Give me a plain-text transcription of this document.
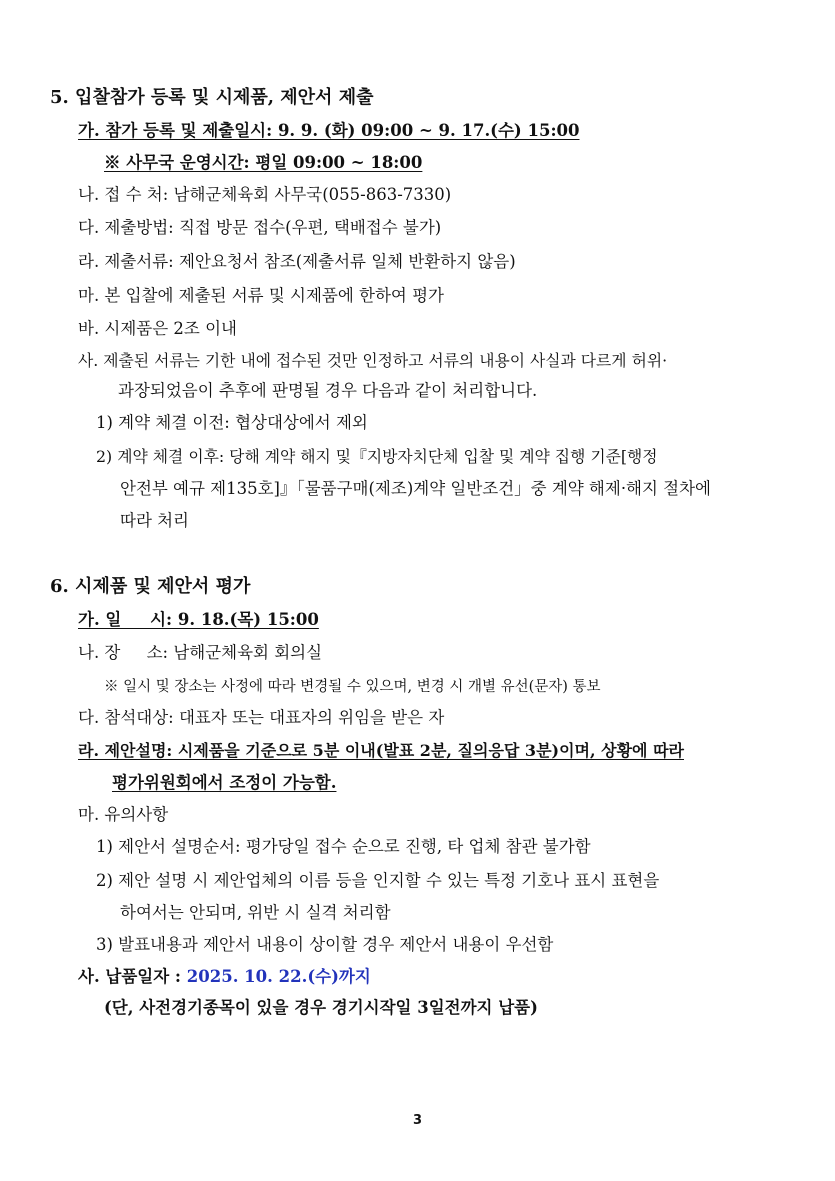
5. 입찰참가 등록 및 시제품, 제안서 제출
가. 참가 등록 및 제출일시: 9. 9. (화) 09:00 ~ 9. 17.(수) 15:00
※ 사무국 운영시간: 평일 09:00 ~ 18:00
나. 접 수 처: 남해군체육회 사무국(055-863-7330)
다. 제출방법: 직접 방문 접수(우편, 택배접수 불가)
라. 제출서류: 제안요청서 참조(제출서류 일체 반환하지 않음)
마. 본 입찰에 제출된 서류 및 시제품에 한하여 평가
바. 시제품은 2조 이내
사. 제출된 서류는 기한 내에 접수된 것만 인정하고 서류의 내용이 사실과 다르게 허위·
과장되었음이 추후에 판명될 경우 다음과 같이 처리합니다.
1) 계약 체결 이전: 협상대상에서 제외
2) 계약 체결 이후: 당해 계약 해지 및『지방자치단체 입찰 및 계약 집행 기준[행정
안전부 예규 제135호]』「물품구매(제조)계약 일반조건」중 계약 해제·해지 절차에
따라 처리
6. 시제품 및 제안서 평가
가. 일     시: 9. 18.(목) 15:00
나. 장     소: 남해군체육회 회의실
※ 일시 및 장소는 사정에 따라 변경될 수 있으며, 변경 시 개별 유선(문자) 통보
다. 참석대상: 대표자 또는 대표자의 위임을 받은 자
라. 제안설명: 시제품을 기준으로 5분 이내(발표 2분, 질의응답 3분)이며, 상황에 따라
평가위원회에서 조정이 가능함.
마. 유의사항
1) 제안서 설명순서: 평가당일 접수 순으로 진행, 타 업체 참관 불가함
2) 제안 설명 시 제안업체의 이름 등을 인지할 수 있는 특정 기호나 표시 표현을
하여서는 안되며, 위반 시 실격 처리함
3) 발표내용과 제안서 내용이 상이할 경우 제안서 내용이 우선함
사. 납품일자 : 2025. 10. 22.(수)까지
(단, 사전경기종목이 있을 경우 경기시작일 3일전까지 납품)
3
